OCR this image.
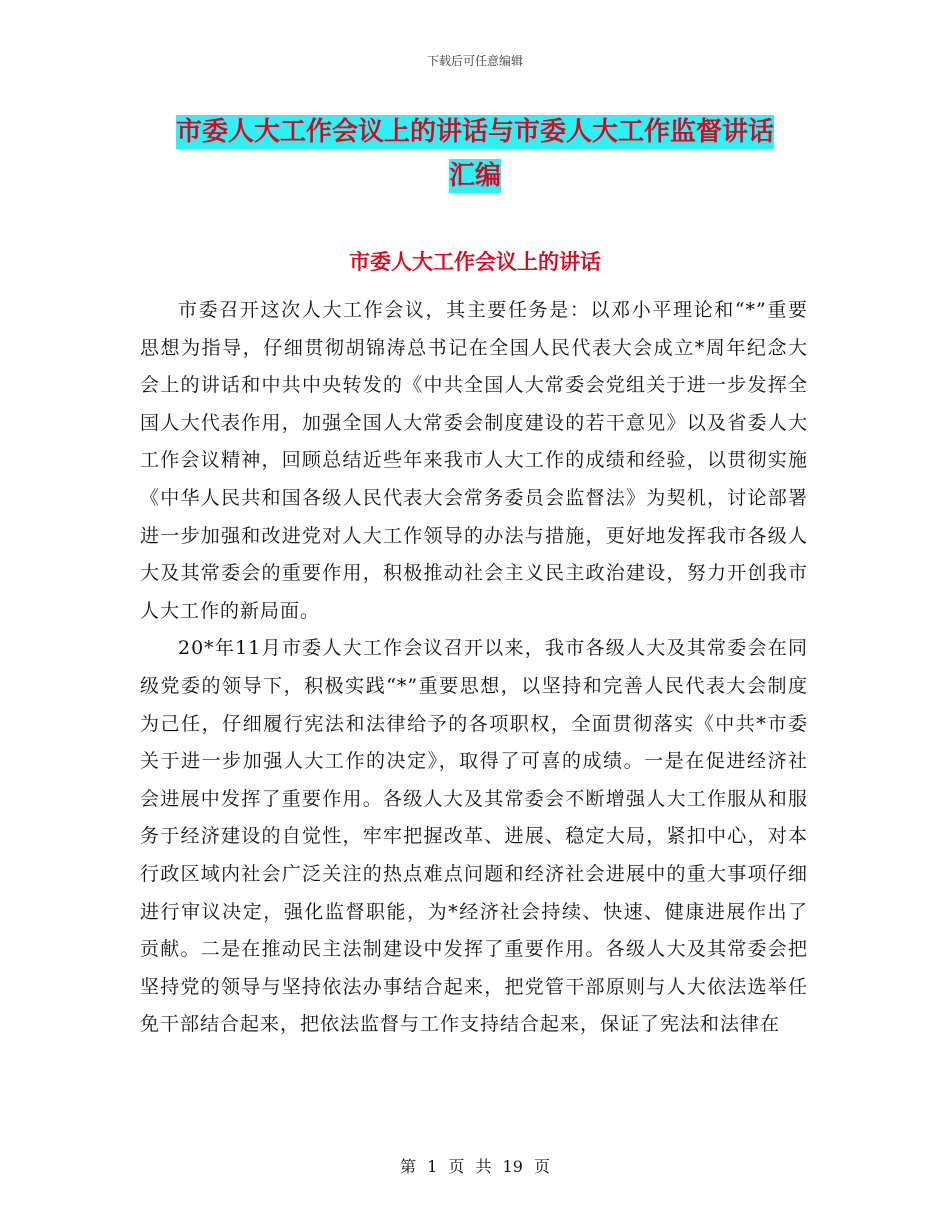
下载后可任意编辑
市委人大工作会议上的讲话与市委人大工作监督讲话
汇编
市委人大工作会议上的讲话

市委召开这次人大工作会议，其主要任务是：以邓小平理论和“*”重要思想为指导，仔细贯彻胡锦涛总书记在全国人民代表大会成立*周年纪念大会上的讲话和中共中央转发的《中共全国人大常委会党组关于进一步发挥全国人大代表作用，加强全国人大常委会制度建设的若干意见》以及省委人大工作会议精神，回顾总结近些年来我市人大工作的成绩和经验，以贯彻实施《中华人民共和国各级人民代表大会常务委员会监督法》为契机，讨论部署进一步加强和改进党对人大工作领导的办法与措施，更好地发挥我市各级人大及其常委会的重要作用，积极推动社会主义民主政治建设，努力开创我市人大工作的新局面。

20*年11月市委人大工作会议召开以来，我市各级人大及其常委会在同级党委的领导下，积极实践“*”重要思想，以坚持和完善人民代表大会制度为己任，仔细履行宪法和法律给予的各项职权，全面贯彻落实《中共*市委关于进一步加强人大工作的决定》，取得了可喜的成绩。一是在促进经济社会进展中发挥了重要作用。各级人大及其常委会不断增强人大工作服从和服务于经济建设的自觉性，牢牢把握改革、进展、稳定大局，紧扣中心，对本行政区域内社会广泛关注的热点难点问题和经济社会进展中的重大事项仔细进行审议决定，强化监督职能，为*经济社会持续、快速、健康进展作出了贡献。二是在推动民主法制建设中发挥了重要作用。各级人大及其常委会把坚持党的领导与坚持依法办事结合起来，把党管干部原则与人大依法选举任免干部结合起来，把依法监督与工作支持结合起来，保证了宪法和法律在

第 1 页 共 19 页
